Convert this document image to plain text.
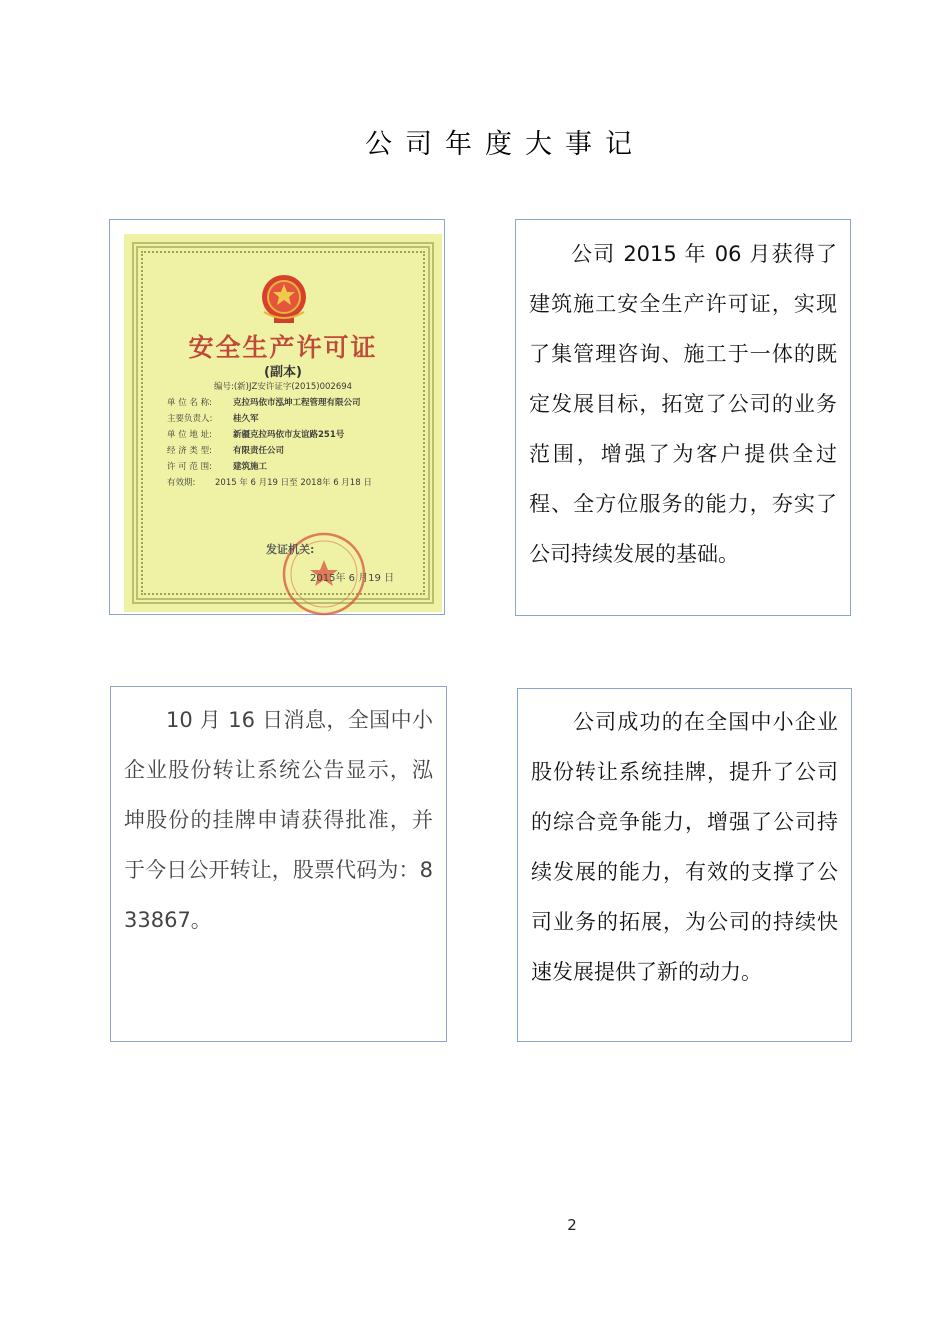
公司年度大事记
安全生产许可证
(副本)
编号:(新)JZ安许证字(2015)002694
单 位 名 称: 克拉玛依市泓坤工程管理有限公司
主要负责人: 桂久军
单 位 地 址: 新疆克拉玛依市友谊路251号
经 济 类 型: 有限责任公司
许 可 范 围: 建筑施工
有效期: 2015 年 6 月19 日至 2018年 6 月18 日
发证机关:
2015年 6 月19 日

公司 2015 年 06 月获得了建筑施工安全生产许可证，实现了集管理咨询、施工于一体的既定发展目标，拓宽了公司的业务范围，增强了为客户提供全过程、全方位服务的能力，夯实了公司持续发展的基础。

10 月 16 日消息，全国中小企业股份转让系统公告显示，泓坤股份的挂牌申请获得批准，并于今日公开转让，股票代码为：833867。

公司成功的在全国中小企业股份转让系统挂牌，提升了公司的综合竞争能力，增强了公司持续发展的能力，有效的支撑了公司业务的拓展，为公司的持续快速发展提供了新的动力。

2
